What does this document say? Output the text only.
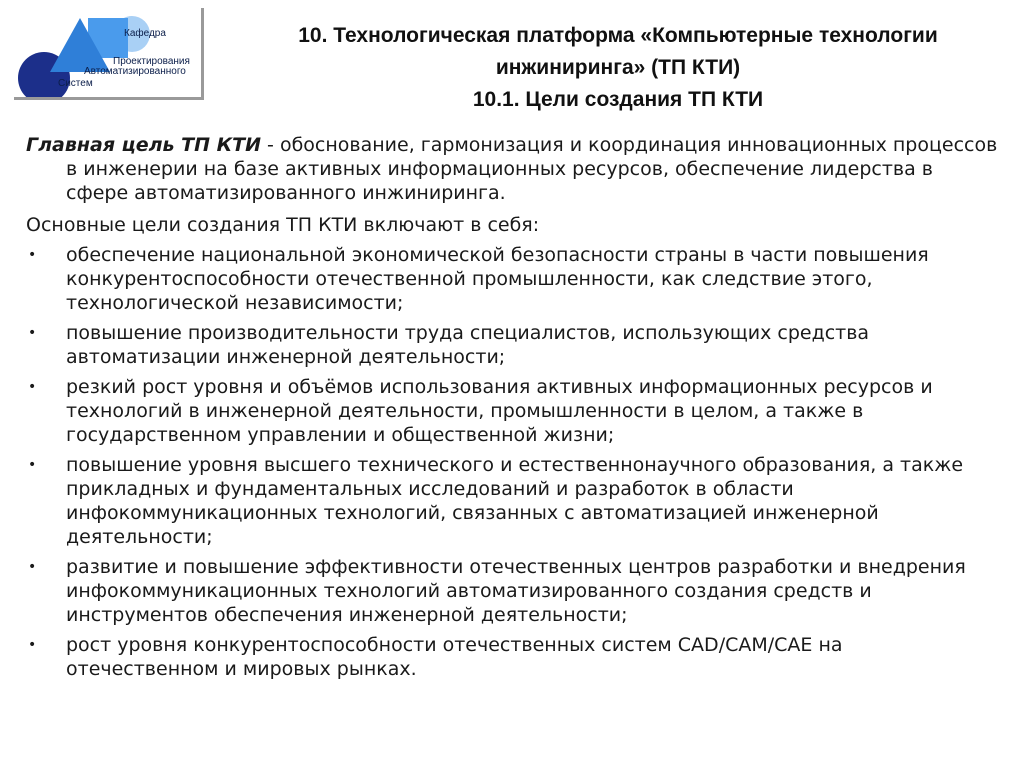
Кафедра
Проектирования
Автоматизированного
Систем
10. Технологическая платформа «Компьютерные технологии
инжиниринга» (ТП КТИ)
10.1. Цели создания ТП КТИ

Главная цель ТП КТИ - обоснование, гармонизация и координация инновационных процессов в инженерии на базе активных информационных ресурсов, обеспечение лидерства в сфере автоматизированного инжиниринга.

Основные цели создания ТП КТИ включают в себя:

• обеспечение национальной экономической безопасности страны в части повышения конкурентоспособности отечественной промышленности, как следствие этого, технологической независимости;
• повышение производительности труда специалистов, использующих средства автоматизации инженерной деятельности;
• резкий рост уровня и объёмов использования активных информационных ресурсов и технологий в инженерной деятельности, промышленности в целом, а также в государственном управлении и общественной жизни;
• повышение уровня высшего технического и естественнонаучного образования, а также прикладных и фундаментальных исследований и разработок в области инфокоммуникационных технологий, связанных с автоматизацией инженерной деятельности;
• развитие и повышение эффективности отечественных центров разработки и внедрения инфокоммуникационных технологий автоматизированного создания средств и инструментов обеспечения инженерной деятельности;
• рост уровня конкурентоспособности отечественных систем CAD/CAM/CAE на отечественном и мировых рынках.
